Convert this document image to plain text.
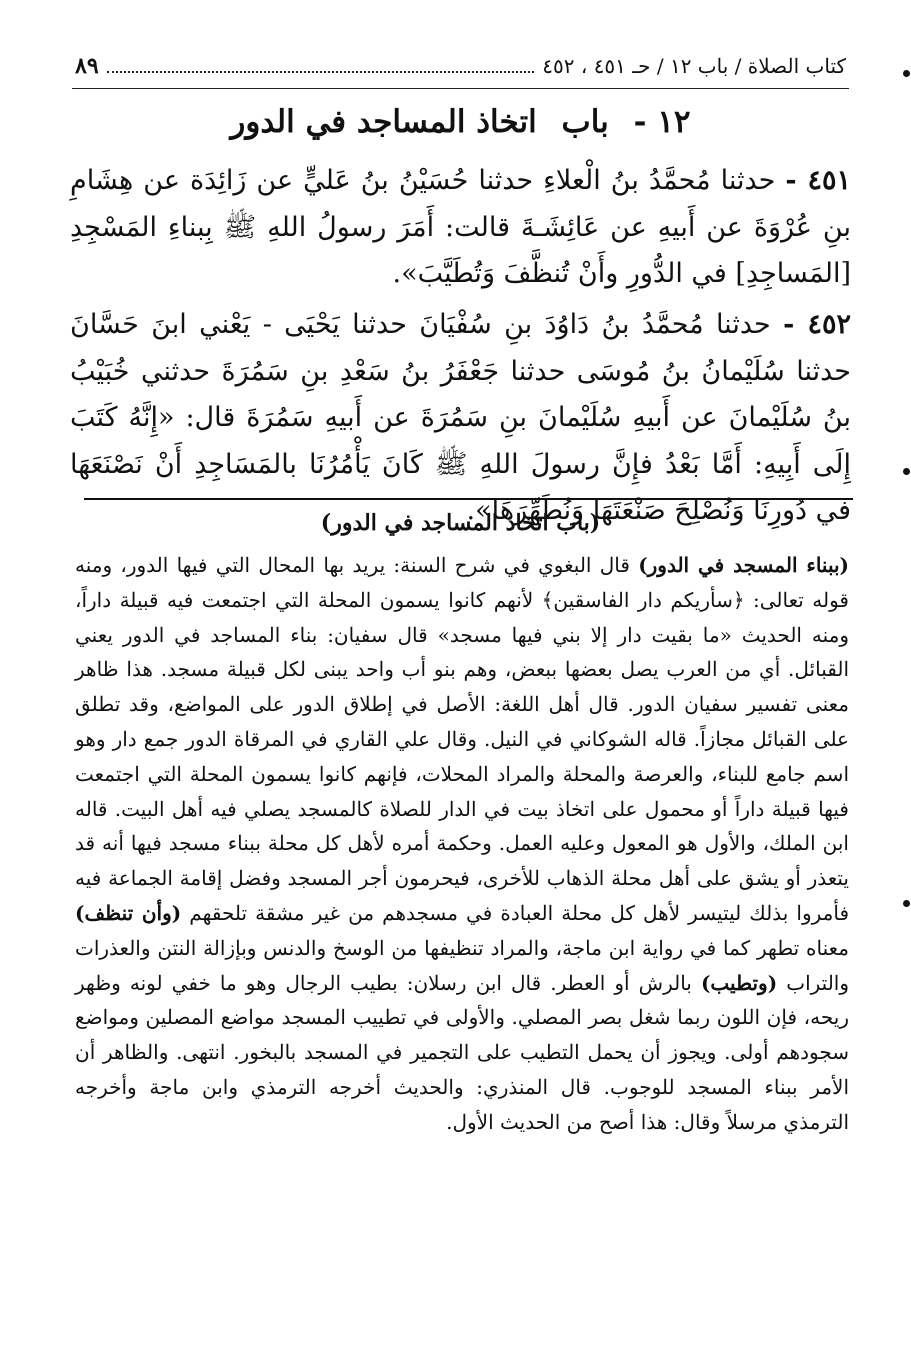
كتاب الصلاة / باب ١٢ / حـ ٤٥١ ، ٤٥٢
٨٩
١٢ - باب اتخاذ المساجد في الدور
٤٥١ - حدثنا مُحمَّدُ بنُ الْعلاءِ حدثنا حُسَيْنُ بنُ عَليٍّ عن زَائِدَة عن هِشَامِ بنِ عُرْوَةَ عن أَبيهِ عن عَائِشَـةَ قالت: أَمَرَ رسولُ اللهِ ﷺ بِبناءِ المَسْجِدِ [المَساجِدِ] في الدُّورِ وأَنْ تُنظَّفَ وَتُطَيَّبَ».
٤٥٢ - حدثنا مُحمَّدُ بنُ دَاوُدَ بنِ سُفْيَانَ حدثنا يَحْيَى - يَعْني ابنَ حَسَّانَ حدثنا سُلَيْمانُ بنُ مُوسَى حدثنا جَعْفَرُ بنُ سَعْدِ بنِ سَمُرَةَ حدثني خُبَيْبُ بنُ سُلَيْمانَ عن أَبيهِ سُلَيْمانَ بنِ سَمُرَةَ عن أَبيهِ سَمُرَةَ قال: «إِنَّهُ كَتَبَ إِلَى أَبِيهِ: أَمَّا بَعْدُ فإِنَّ رسولَ اللهِ ﷺ كَانَ يَأْمُرُنَا بالمَسَاجِدِ أَنْ نَصْنَعَهَا في دُورِنَا وَنُصْلِحَ صَنْعَتَهَا وَنُطَهِّرَهَا».
(باب اتخاذ المساجد في الدور)
(ببناء المسجد في الدور) قال البغوي في شرح السنة: يريد بها المحال التي فيها الدور، ومنه قوله تعالى: ﴿سأريكم دار الفاسقين﴾ لأنهم كانوا يسمون المحلة التي اجتمعت فيه قبيلة داراً، ومنه الحديث «ما بقيت دار إلا بني فيها مسجد» قال سفيان: بناء المساجد في الدور يعني القبائل. أي من العرب يصل بعضها ببعض، وهم بنو أب واحد يبنى لكل قبيلة مسجد. هذا ظاهر معنى تفسير سفيان الدور. قال أهل اللغة: الأصل في إطلاق الدور على المواضع، وقد تطلق على القبائل مجازاً. قاله الشوكاني في النيل. وقال علي القاري في المرقاة الدور جمع دار وهو اسم جامع للبناء، والعرصة والمحلة والمراد المحلات، فإنهم كانوا يسمون المحلة التي اجتمعت فيها قبيلة داراً أو محمول على اتخاذ بيت في الدار للصلاة كالمسجد يصلي فيه أهل البيت. قاله ابن الملك، والأول هو المعول وعليه العمل. وحكمة أمره لأهل كل محلة ببناء مسجد فيها أنه قد يتعذر أو يشق على أهل محلة الذهاب للأخرى، فيحرمون أجر المسجد وفضل إقامة الجماعة فيه فأمروا بذلك ليتيسر لأهل كل محلة العبادة في مسجدهم من غير مشقة تلحقهم (وأن تنظف) معناه تطهر كما في رواية ابن ماجة، والمراد تنظيفها من الوسخ والدنس وبإزالة النتن والعذرات والتراب (وتطيب) بالرش أو العطر. قال ابن رسلان: بطيب الرجال وهو ما خفي لونه وظهر ريحه، فإن اللون ربما شغل بصر المصلي. والأولى في تطييب المسجد مواضع المصلين ومواضع سجودهم أولى. ويجوز أن يحمل التطيب على التجمير في المسجد بالبخور. انتهى. والظاهر أن الأمر ببناء المسجد للوجوب. قال المنذري: والحديث أخرجه الترمذي وابن ماجة وأخرجه الترمذي مرسلاً وقال: هذا أصح من الحديث الأول.
